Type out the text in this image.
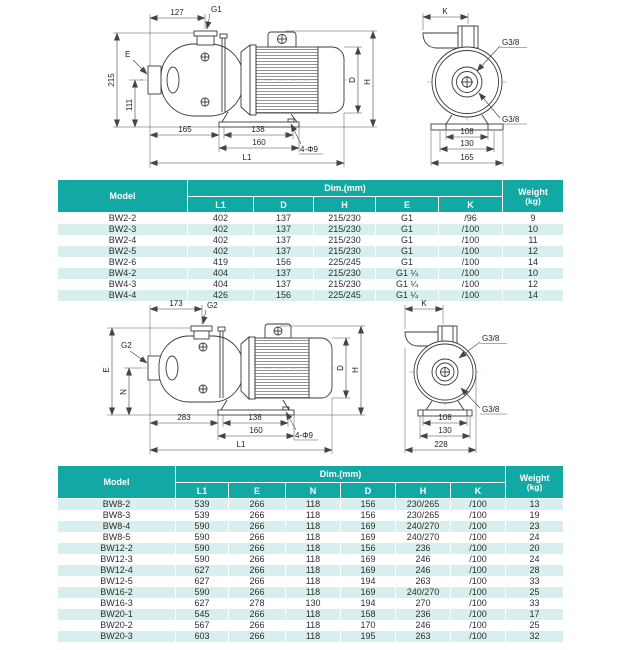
127	G1
E
215
111
165	138
4-Φ9
160
L1
D H
K
G3/8
G3/8
108
130
165
Model	Dim.(mm)					Weight
(kg)

	L1	D	H	E	K	
BW2-2	402	137	215/230	G1	/96	9
BW2-3	402	137	215/230	G1	/100	10
BW2-4	402	137	215/230	G1	/100	11
BW2-5	402	137	215/230	G1	/100	12
BW2-6	419	156	225/245	G1	/100	14
BW4-2	404	137	215/230	G1 ¼	/100	10
BW4-3	404	137	215/230	G1 ¼	/100	12
BW4-4	426	156	225/245	G1 ¼	/100	14
173	G2
G2
E
N
283	138
4-Φ9
160
L1
D H
K
G3/8
G3/8
108
130
228
Model	Dim.(mm)						Weight
(kg)

	L1	E	N	D	H	K	
BW8-2	539	266	118	156	230/265	/100	13
BW8-3	539	266	118	156	230/265	/100	19
BW8-4	590	266	118	169	240/270	/100	23
BW8-5	590	266	118	169	240/270	/100	24
BW12-2	590	266	118	156	236	/100	20
BW12-3	590	266	118	169	246	/100	24
BW12-4	627	266	118	169	246	/100	28
BW12-5	627	266	118	194	263	/100	33
BW16-2	590	266	118	169	240/270	/100	25
BW16-3	627	278	130	194	270	/100	33
BW20-1	545	266	118	158	236	/100	17
BW20-2	567	266	118	170	246	/100	25
BW20-3	603	266	118	195	263	/100	32
